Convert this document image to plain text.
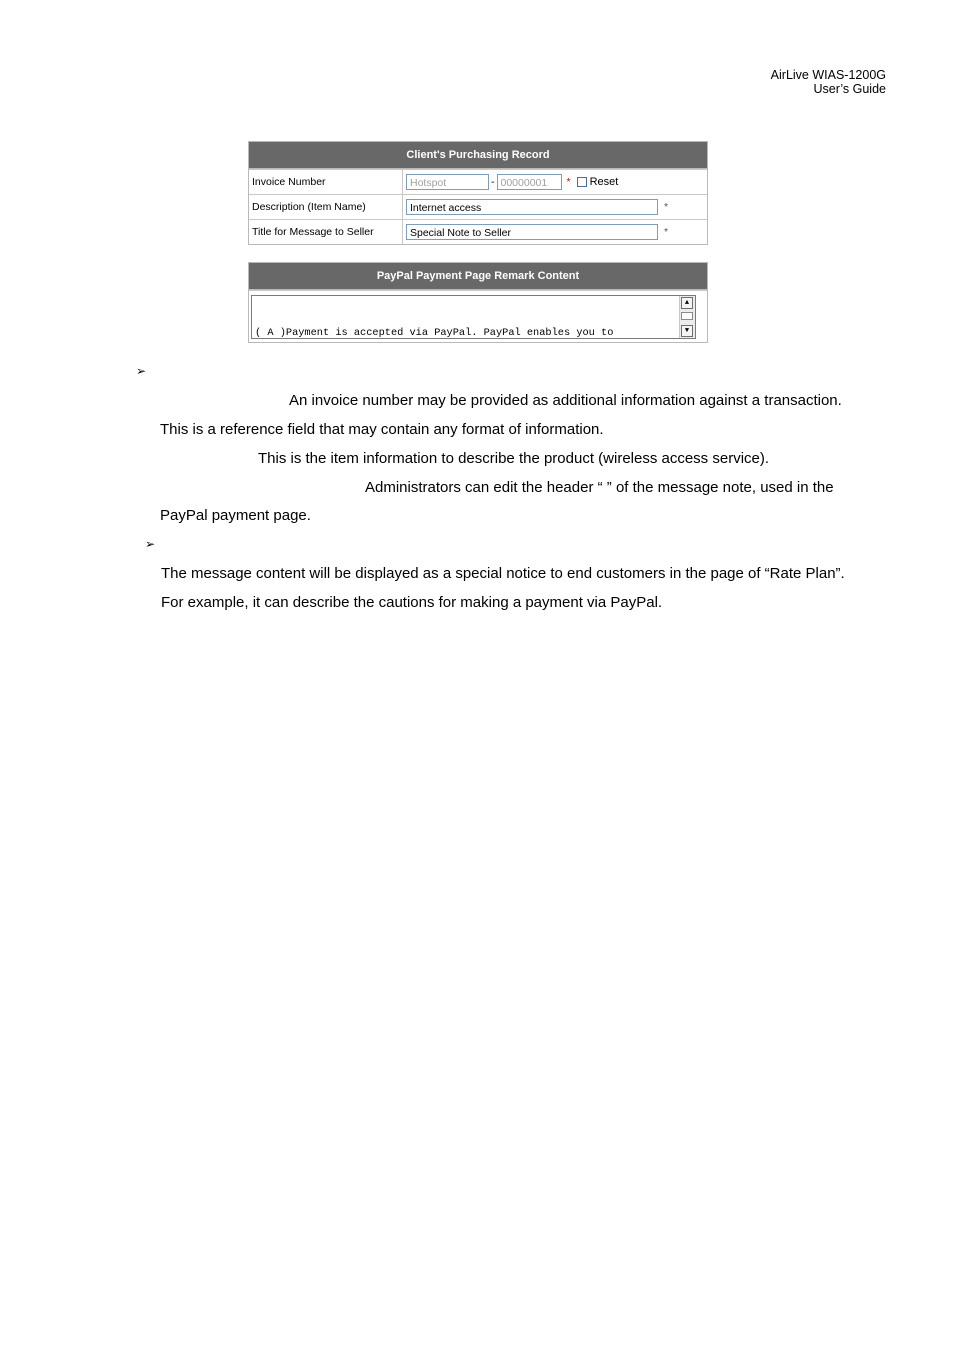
AirLive WIAS-1200G
User’s Guide
Client's Purchasing Record
Invoice Number	Hotspot - 00000001 * Reset
Description (Item Name)	Internet access *
Title for Message to Seller	Special Note to Seller *
PayPal Payment Page Remark Content

( A )Payment is accepted via PayPal. PayPal enables you to

▲

▼

➢
An invoice number may be provided as additional information against a transaction.
This is a reference field that may contain any format of information.
This is the item information to describe the product (wireless access service).
Administrators can edit the header “ ” of the message note, used in the
PayPal payment page.
➢
The message content will be displayed as a special notice to end customers in the page of “Rate Plan”.
For example, it can describe the cautions for making a payment via PayPal.
